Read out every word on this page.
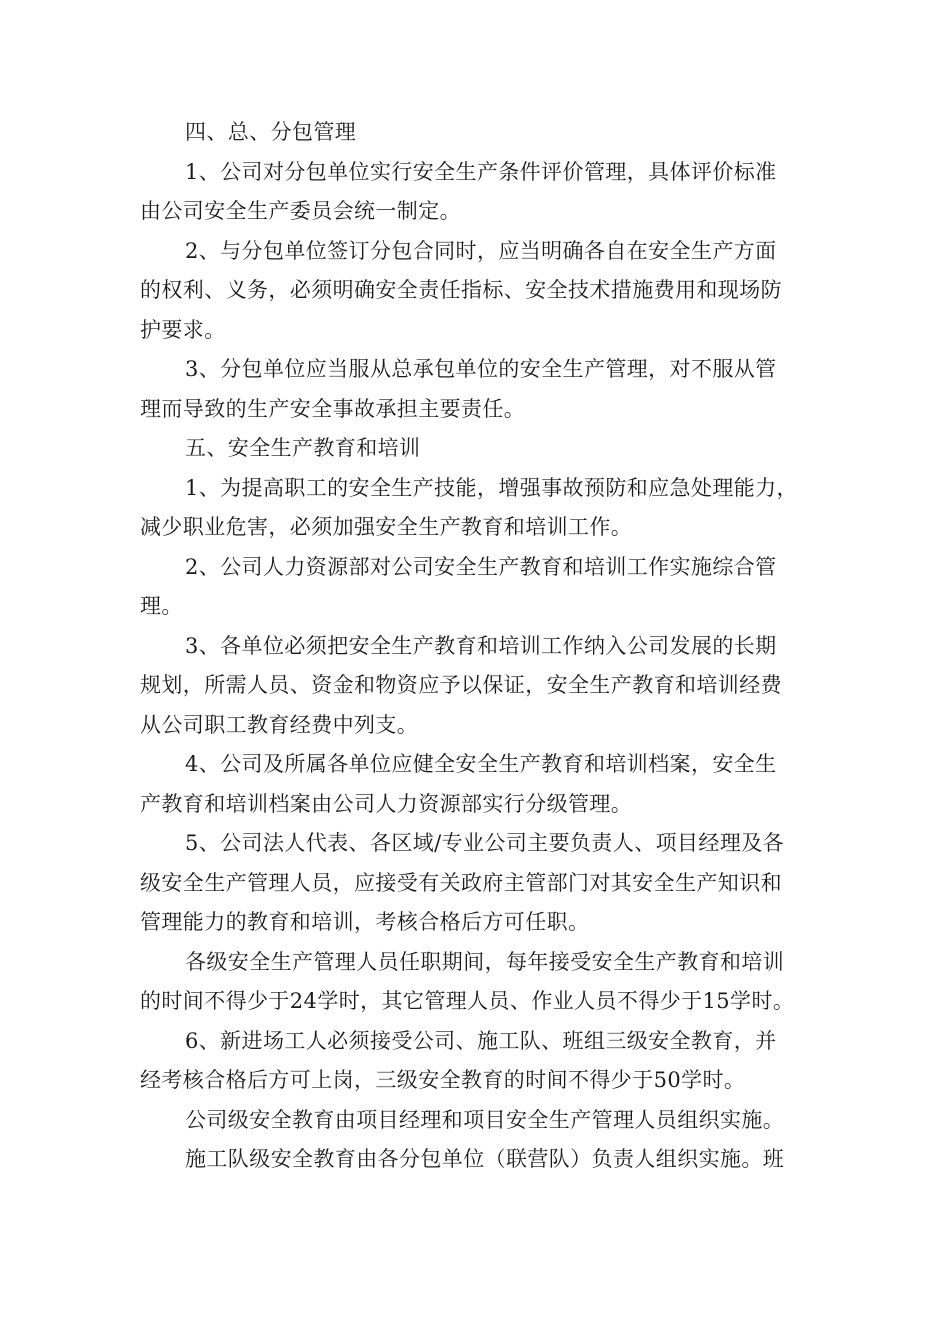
四、总、分包管理
1、公司对分包单位实行安全生产条件评价管理，具体评价标准
由公司安全生产委员会统一制定。
2、与分包单位签订分包合同时，应当明确各自在安全生产方面
的权利、义务，必须明确安全责任指标、安全技术措施费用和现场防
护要求。
3、分包单位应当服从总承包单位的安全生产管理，对不服从管
理而导致的生产安全事故承担主要责任。
五、安全生产教育和培训
1、为提高职工的安全生产技能，增强事故预防和应急处理能力，
减少职业危害，必须加强安全生产教育和培训工作。
2、公司人力资源部对公司安全生产教育和培训工作实施综合管
理。
3、各单位必须把安全生产教育和培训工作纳入公司发展的长期
规划，所需人员、资金和物资应予以保证，安全生产教育和培训经费
从公司职工教育经费中列支。
4、公司及所属各单位应健全安全生产教育和培训档案，安全生
产教育和培训档案由公司人力资源部实行分级管理。
5、公司法人代表、各区域/专业公司主要负责人、项目经理及各
级安全生产管理人员，应接受有关政府主管部门对其安全生产知识和
管理能力的教育和培训，考核合格后方可任职。
各级安全生产管理人员任职期间，每年接受安全生产教育和培训
的时间不得少于24学时，其它管理人员、作业人员不得少于15学时。
6、新进场工人必须接受公司、施工队、班组三级安全教育，并
经考核合格后方可上岗，三级安全教育的时间不得少于50学时。
公司级安全教育由项目经理和项目安全生产管理人员组织实施。
施工队级安全教育由各分包单位（联营队）负责人组织实施。班
